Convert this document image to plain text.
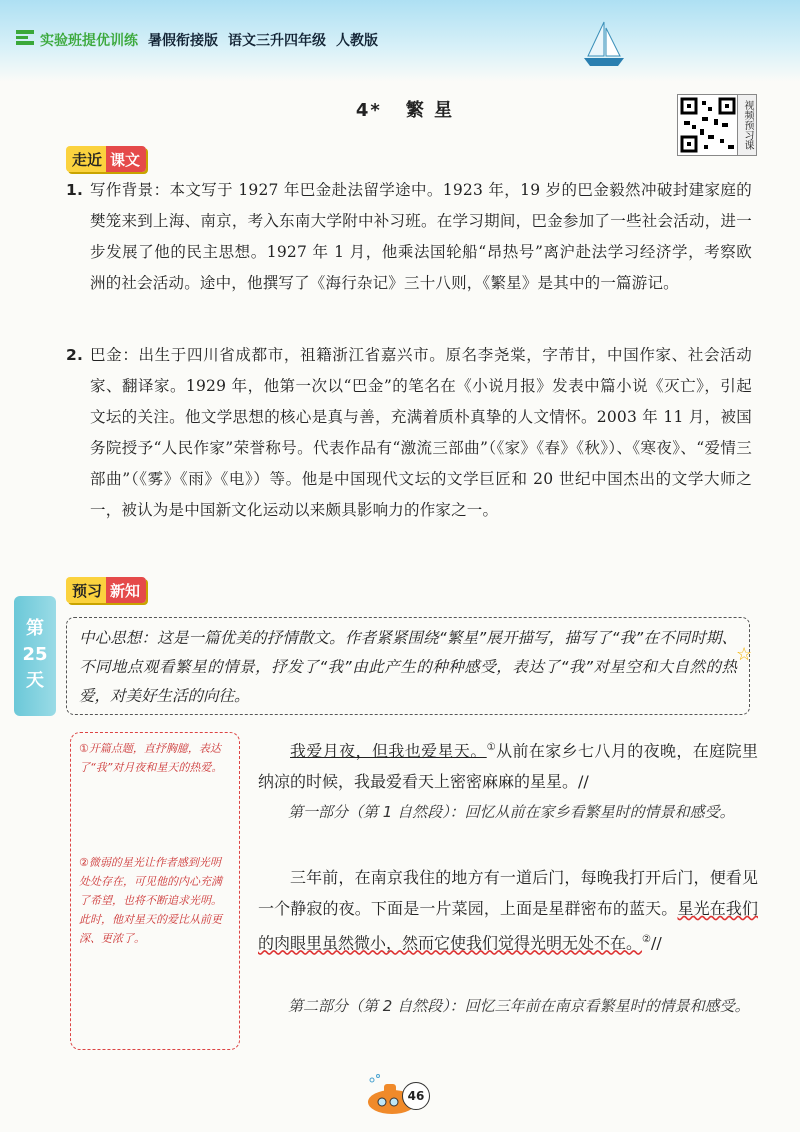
实验班提优训练 暑假衔接版 语文三升四年级 人教版
4* 繁 星	视频预习课
走近 课文
1. 写作背景：本文写于 1927 年巴金赴法留学途中。1923 年，19 岁的巴金毅然冲破封建家庭的樊笼来到上海、南京，考入东南大学附中补习班。在学习期间，巴金参加了一些社会活动，进一步发展了他的民主思想。1927 年 1 月，他乘法国轮船“昂热号”离沪赴法学习经济学，考察欧洲的社会活动。途中，他撰写了《海行杂记》三十八则，《繁星》是其中的一篇游记。
2. 巴金：出生于四川省成都市，祖籍浙江省嘉兴市。原名李尧棠，字芾甘，中国作家、社会活动家、翻译家。1929 年，他第一次以“巴金”的笔名在《小说月报》发表中篇小说《灭亡》，引起文坛的关注。他文学思想的核心是真与善，充满着质朴真挚的人文情怀。2003 年 11 月，被国务院授予“人民作家”荣誉称号。代表作品有“激流三部曲”（《家》《春》《秋》）、《寒夜》、“爱情三部曲”（《雾》《雨》《电》）等。他是中国现代文坛的文学巨匠和 20 世纪中国杰出的文学大师之一，被认为是中国新文化运动以来颇具影响力的作家之一。
预习 新知
第
25
天
中心思想：这是一篇优美的抒情散文。作者紧紧围绕“繁星”展开描写，描写了“我”在不同时期、不同地点观看繁星的情景，抒发了“我”由此产生的种种感受，表达了“我”对星空和大自然的热爱，对美好生活的向往。
☆

①开篇点题，直抒胸臆，表达了“我”对月夜和星天的热爱。

②微弱的星光让作者感到光明处处存在，可见他的内心充满了希望，也将不断追求光明。此时，他对星天的爱比从前更深、更浓了。

我爱月夜，但我也爱星天。①从前在家乡七八月的夜晚，在庭院里纳凉的时候，我最爱看天上密密麻麻的星星。//
第一部分（第 1 自然段）：回忆从前在家乡看繁星时的情景和感受。
三年前，在南京我住的地方有一道后门，每晚我打开后门，便看见一个静寂的夜。下面是一片菜园，上面是星群密布的蓝天。星光在我们的肉眼里虽然微小，然而它使我们觉得光明无处不在。②//
第二部分（第 2 自然段）：回忆三年前在南京看繁星时的情景和感受。
46
